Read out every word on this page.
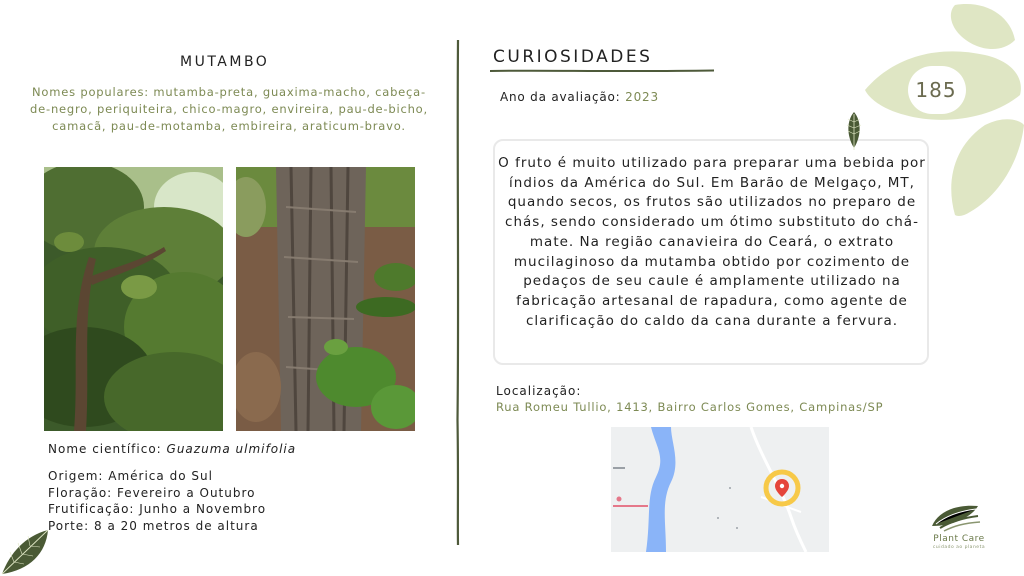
MUTAMBO
Nomes populares: mutamba-preta, guaxima-macho, cabeça-de-negro, periquiteira, chico-magro, envireira, pau-de-bicho, camacã, pau-de-motamba, embireira, araticum-bravo.
Nome científico: Guazuma ulmifolia
Origem: América do Sul
Floração: Fevereiro a Outubro
Frutificação: Junho a Novembro
Porte: 8 a 20 metros de altura
CURIOSIDADES
Ano da avaliação: 2023
O fruto é muito utilizado para preparar uma bebida por índios da América do Sul. Em Barão de Melgaço, MT, quando secos, os frutos são utilizados no preparo de chás, sendo considerado um ótimo substituto do chá-mate. Na região canavieira do Ceará, o extrato mucilaginoso da mutamba obtido por cozimento de pedaços de seu caule é amplamente utilizado na fabricação artesanal de rapadura, como agente de clarificação do caldo da cana durante a fervura.
Localização:
Rua Romeu Tullio, 1413, Bairro Carlos Gomes, Campinas/SP
185
Plant Care
cuidado ao planeta
